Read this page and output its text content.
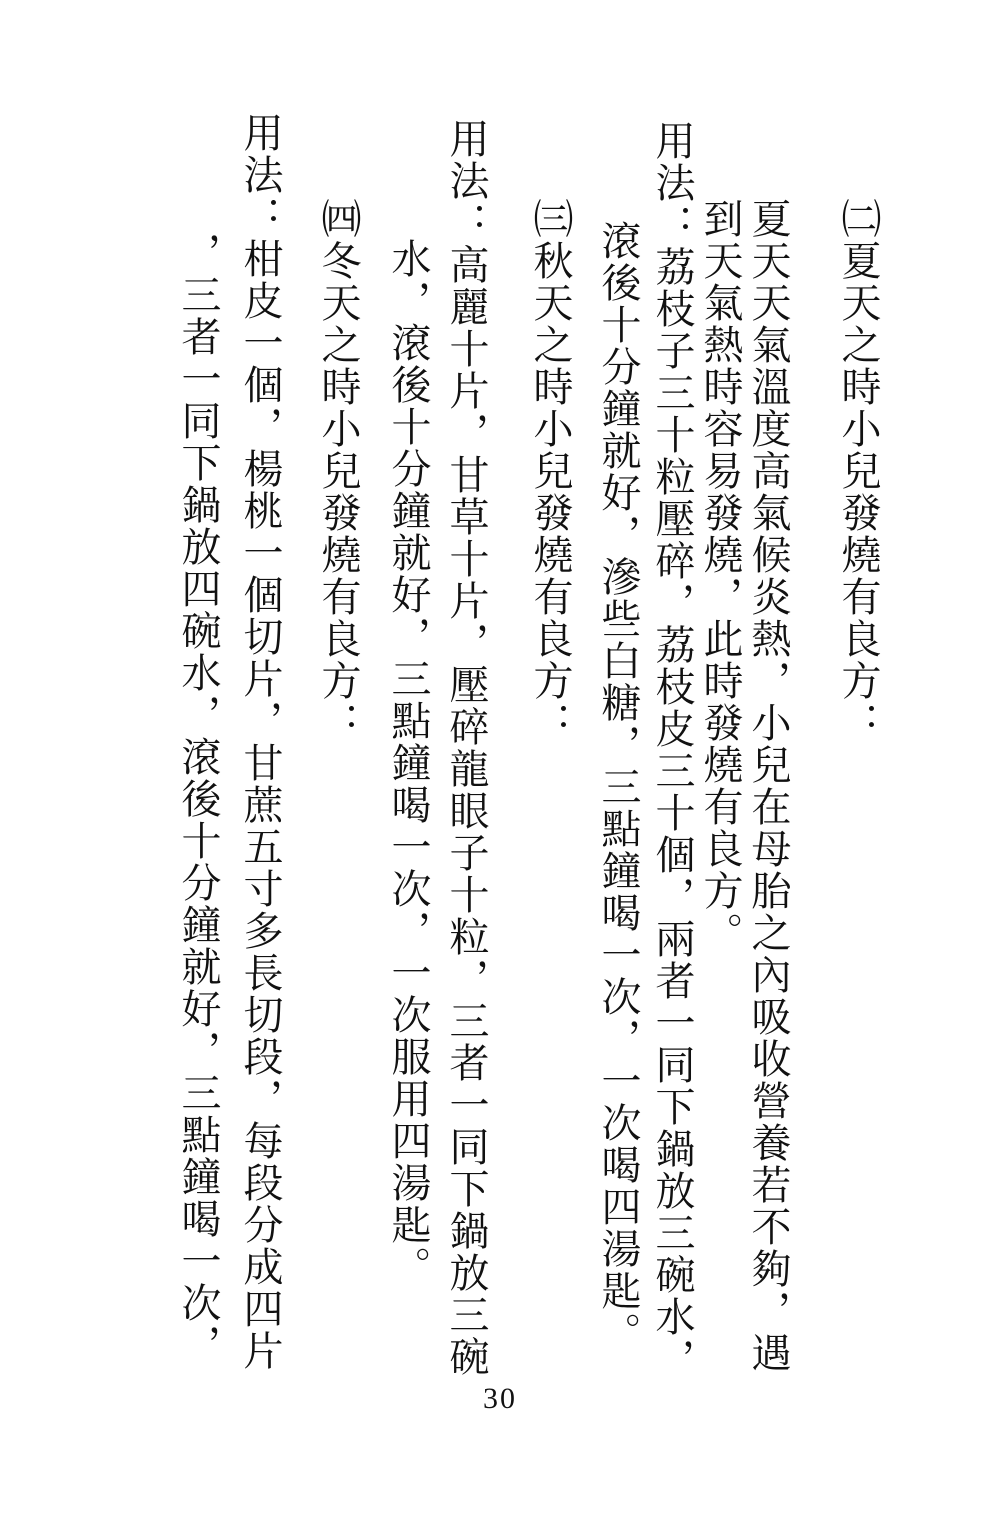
㈡夏天之時小兒發燒有良方：
夏天天氣溫度高氣候炎熱，小兒在母胎之內吸收營養若不夠，遇
到天氣熱時容易發燒，此時發燒有良方。
用法：荔枝子三十粒壓碎，荔枝皮三十個，兩者一同下鍋放三碗水，
滾後十分鐘就好，滲些白糖，三點鐘喝一次，一次喝四湯匙。
㈢秋天之時小兒發燒有良方：
用法：高麗十片，甘草十片，壓碎龍眼子十粒，三者一同下鍋放三碗
水，滾後十分鐘就好，三點鐘喝一次，一次服用四湯匙。
㈣冬天之時小兒發燒有良方：
用法：柑皮一個，楊桃一個切片，甘蔗五寸多長切段，每段分成四片
，三者一同下鍋放四碗水，滾後十分鐘就好，三點鐘喝一次，
30
